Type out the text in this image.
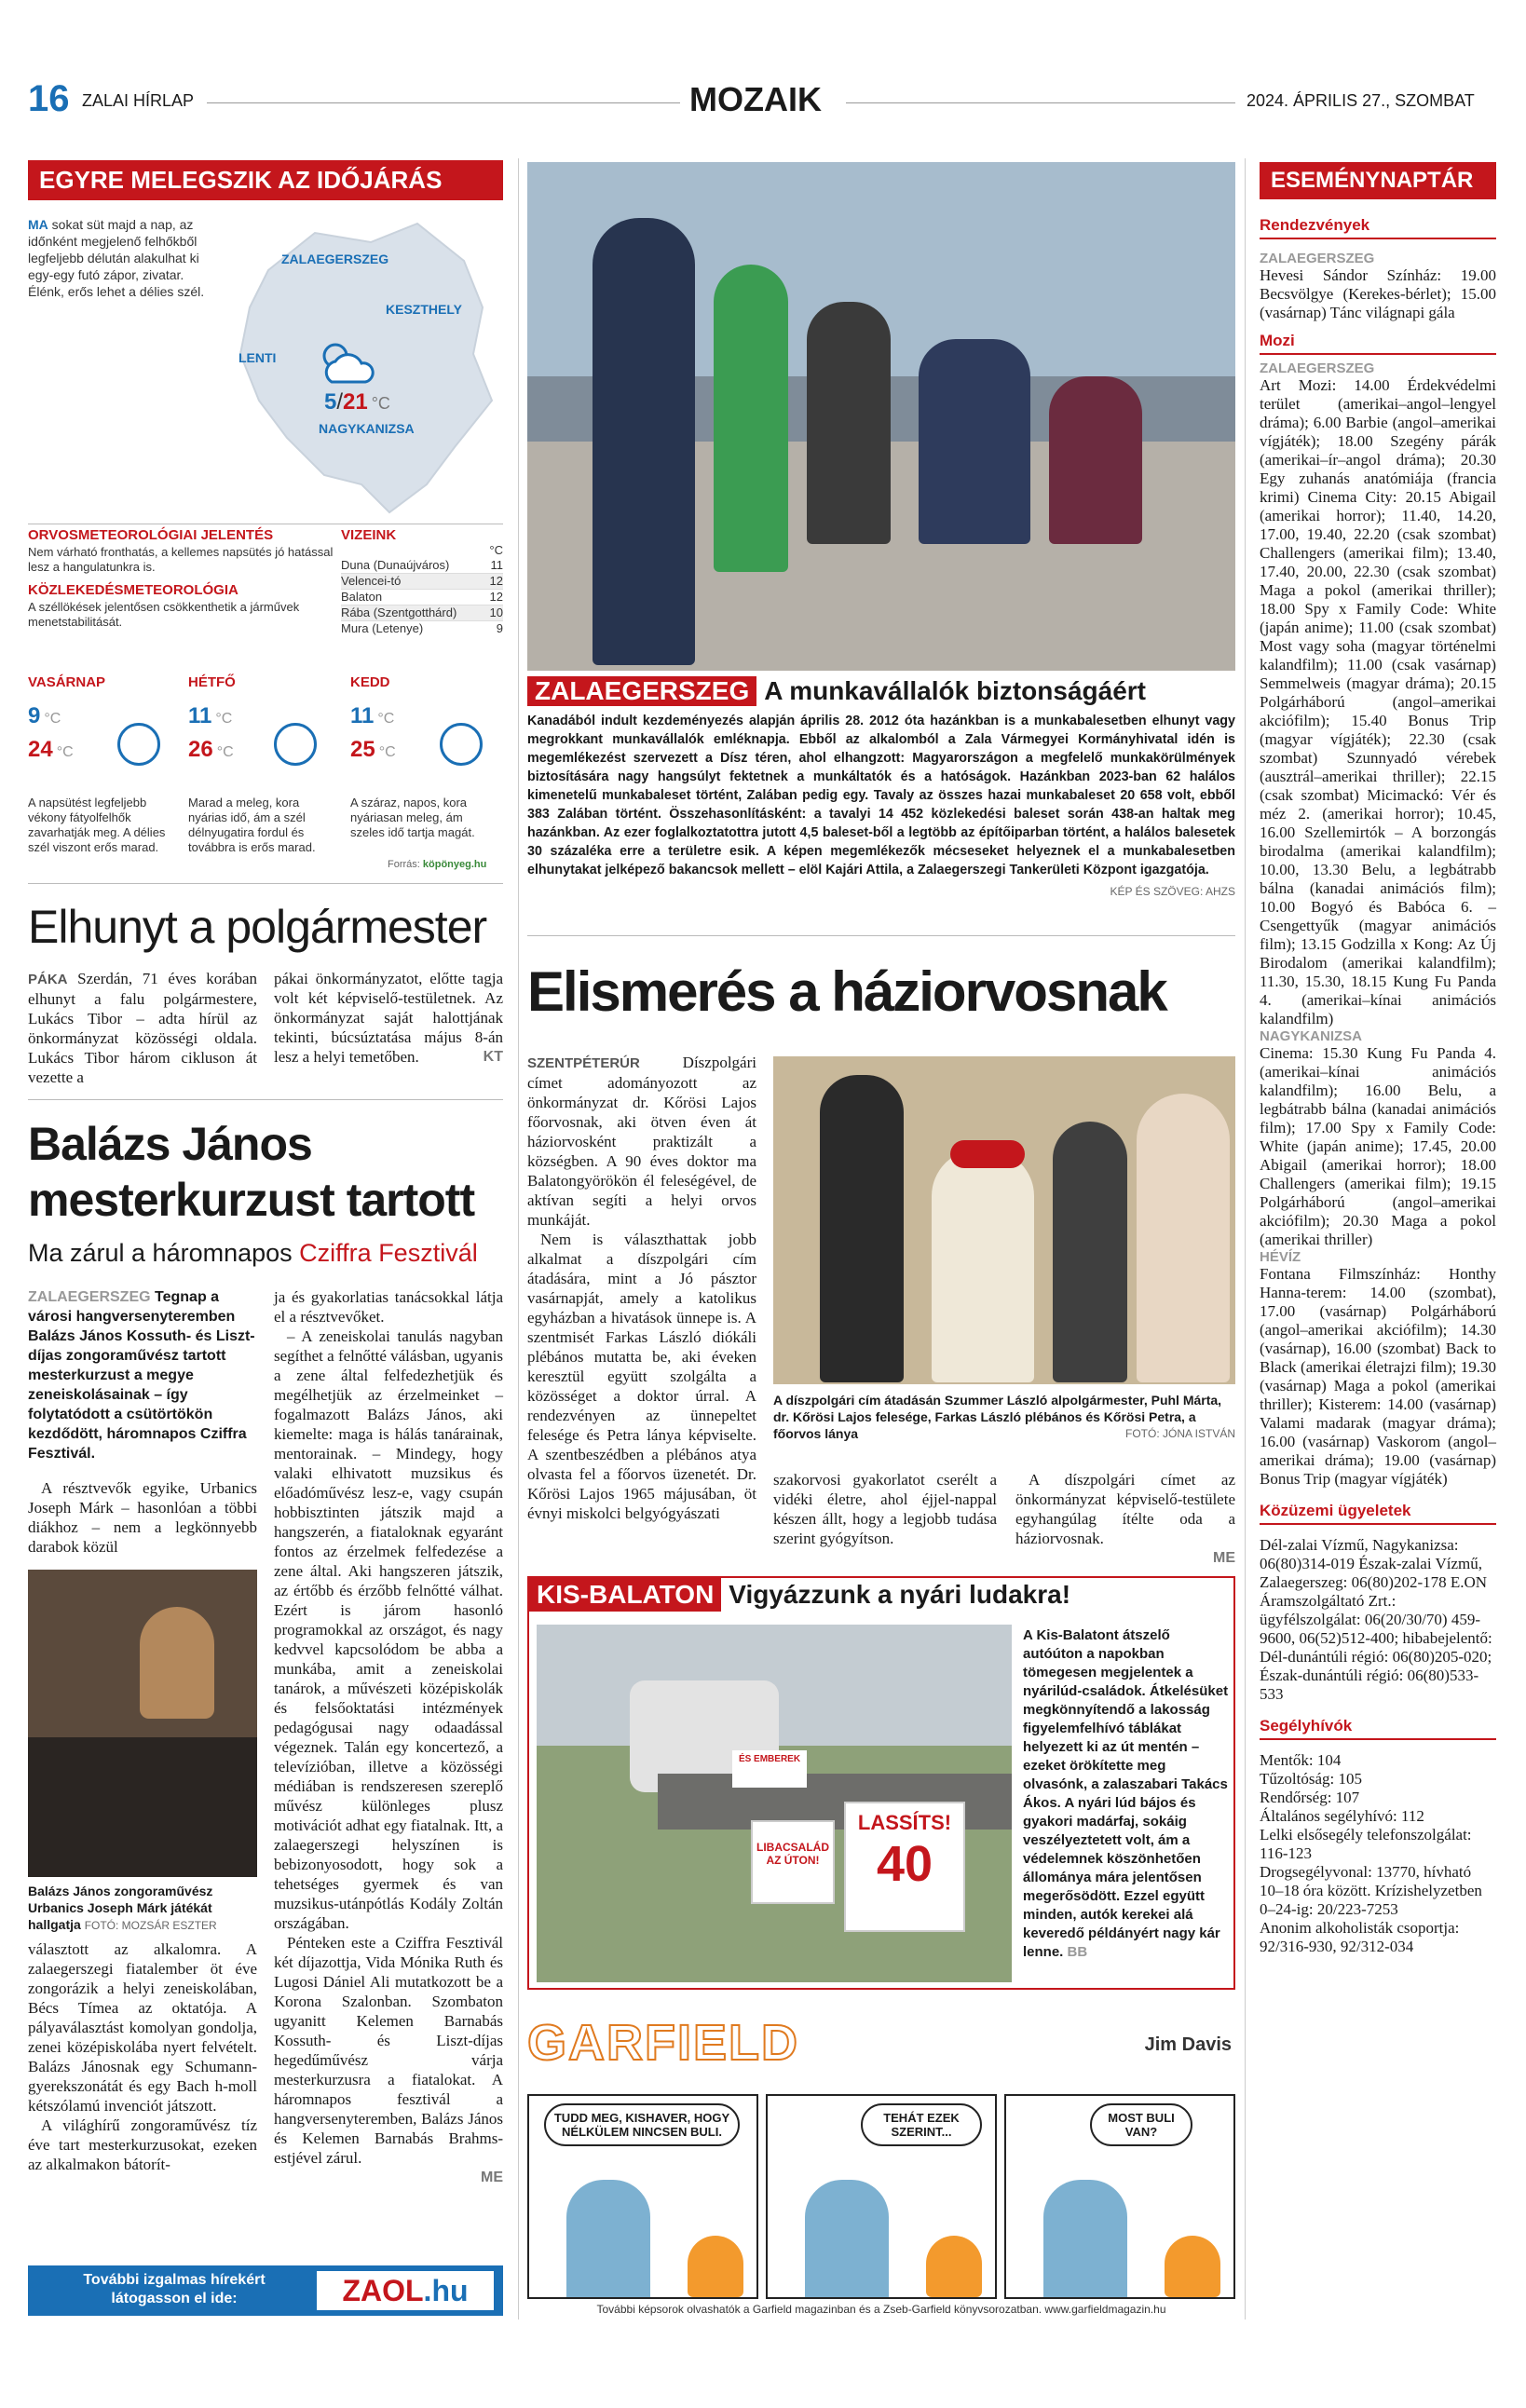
16 ZALAI HÍRLAP	MOZAIK	2024. ÁPRILIS 27., SZOMBAT
EGYRE MELEGSZIK AZ IDŐJÁRÁS
MA sokat süt majd a nap, az időnként megjelenő felhőkből legfeljebb délután alakulhat ki egy-egy futó zápor, zivatar. Élénk, erős lehet a délies szél.
ZALAEGERSZEG
KESZTHELY
LENTI
NAGYKANIZSA
5/21 °C
ORVOSMETEOROLÓGIAI JELENTÉS
Nem várható fronthatás, a kellemes napsütés jó hatással lesz a hangulatunkra is.
KÖZLEKEDÉSMETEOROLÓGIA
A széllökések jelentősen csökkenthetik a járművek menetstabilitását.
VIZEINK
°C
Duna (Dunaújváros)	11
Velencei-tó	12
Balaton	12
Rába (Szentgotthárd)	10
Mura (Letenye)	9
VASÁRNAP
9 °C
24 °C
A napsütést legfeljebb vékony fátyolfelhők zavarhatják meg. A délies szél viszont erős marad.
HÉTFŐ
11 °C
26 °C
Marad a meleg, kora nyárias idő, ám a szél délnyugatira fordul és továbbra is erős marad.
KEDD
11 °C
25 °C
A száraz, napos, kora nyáriasan meleg, ám szeles idő tartja magát.
Forrás: köpönyeg.hu
Elhunyt a polgármester

PÁKA Szerdán, 71 éves korában elhunyt a falu polgármestere, Lukács Tibor – adta hírül az önkormányzat közösségi oldala. Lukács Tibor három cikluson át vezette a

pákai önkormányzatot, előtte tagja volt két képviselő-testületnek. Az önkormányzat saját halottjának tekinti, búcsúztatása május 8-án lesz a helyi temetőben.	KT

Balázs János
mesterkurzust tartott
Ma zárul a háromnapos Cziffra Fesztivál
ZALAEGERSZEG Tegnap a városi hangversenyteremben Balázs János Kossuth- és Liszt-díjas zongoraművész tartott mesterkurzust a megye zeneiskolásainak – így folytatódott a csütörtökön kezdődött, háromnapos Cziffra Fesztivál.

A résztvevők egyike, Urbanics Joseph Márk – hasonlóan a többi diákhoz – nem a legkönnyebb darabok közül

Balázs János zongoraművész Urbanics Joseph Márk játékát hallgatja FOTÓ: MOZSÁR ESZTER

választott az alkalomra. A zalaegerszegi fiatalember öt éve zongorázik a helyi zeneiskolában, Bécs Tímea az oktatója. A pályaválasztást komolyan gondolja, zenei középiskolába nyert felvételt. Balázs Jánosnak egy Schumann-gyerekszonátát és egy Bach h-moll kétszólamú invenciót játszott.

A világhírű zongoraművész tíz éve tart mesterkurzusokat, ezeken az alkalmakon bátorít-

ja és gyakorlatias tanácsokkal látja el a résztvevőket.

– A zeneiskolai tanulás nagyban segíthet a felnőtté válásban, ugyanis a zene által felfedezhetjük és megélhetjük az érzelmeinket – fogalmazott Balázs János, aki kiemelte: maga is hálás tanárainak, mentorainak. – Mindegy, hogy valaki elhivatott muzsikus és előadóművész lesz-e, vagy csupán hobbisztinten játszik majd a hangszerén, a fiataloknak egyaránt fontos az érzelmek felfedezése a zene által. Aki hangszeren játszik, az értőbb és érzőbb felnőtté válhat. Ezért is járom hasonló programokkal az országot, és nagy kedvvel kapcsolódom be abba a munkába, amit a zeneiskolai tanárok, a művészeti középiskolák és felsőoktatási intézmények pedagógusai nagy odaadással végeznek. Talán egy koncertező, a televízióban, illetve a közösségi médiában is rendszeresen szereplő művész különleges plusz motivációt adhat egy fiatalnak. Itt, a zalaegerszegi helyszínen is bebizonyosodott, hogy sok a tehetséges gyermek és van muzsikus-utánpótlás Kodály Zoltán országában.

Pénteken este a Cziffra Fesztivál két díjazottja, Vida Mónika Ruth és Lugosi Dániel Ali mutatkozott be a Korona Szalonban. Szombaton ugyanitt Kelemen Barnabás Kossuth- és Liszt-díjas hegedűművész várja mesterkurzusra a fiatalokat. A háromnapos fesztivál a hangversenyteremben, Balázs János és Kelemen Barnabás Brahms-estjével zárul.

ME
További izgalmas hírekért
látogasson el ide:	ZAOL.hu
ZALAEGERSZEG A munkavállalók biztonságáért
Kanadából indult kezdeményezés alapján április 28. 2012 óta hazánkban is a munkabalesetben elhunyt vagy megrokkant munkavállalók emléknapja. Ebből az alkalomból a Zala Vármegyei Kormányhivatal idén is megemlékezést szervezett a Dísz téren, ahol elhangzott: Magyarországon a megfelelő munkakörülmények biztosítására nagy hangsúlyt fektetnek a munkáltatók és a hatóságok. Hazánkban 2023-ban 62 halálos kimenetelű munkabaleset történt, Zalában pedig egy. Tavaly az összes hazai munkabaleset 20 658 volt, ebből 383 Zalában történt. Összehasonlításként: a tavalyi 14 452 közlekedési baleset során 438-an haltak meg hazánkban. Az ezer foglalkoztatottra jutott 4,5 baleset-ből a legtöbb az építőiparban történt, a halálos balesetek 30 százaléka erre a területre esik. A képen megemlékezők mécseseket helyeznek el a munkabalesetben elhunytakat jelképező bakancsok mellett – elöl Kajári Attila, a Zalaegerszegi Tankerületi Központ igazgatója.
KÉP ÉS SZÖVEG: AHZS
Elismerés a háziorvosnak

SZENTPÉTERÚR	Díszpolgári címet adományozott az önkormányzat dr. Kőrösi Lajos főorvosnak, aki ötven éven át háziorvosként praktizált a községben. A 90 éves doktor ma Balatongyörökön él feleségével, de aktívan segíti a helyi orvos munkáját.

Nem is választhattak jobb alkalmat a díszpolgári cím átadására, mint a Jó pásztor vasárnapját, amely a katolikus egyházban a hivatások ünnepe is. A szentmisét Farkas László diókáli plébános mutatta be, aki éveken keresztül együtt szolgálta a közösséget a doktor úrral. A rendezvényen az ünnepeltet felesége és Petra lánya képviselte. A szentbeszédben a plébános atya olvasta fel a főorvos üzenetét. Dr. Kőrösi Lajos 1965 májusában, öt évnyi miskolci belgyógyászati

A díszpolgári cím átadásán Szummer László alpolgármester, Puhl Márta, dr. Kőrösi Lajos felesége, Farkas László plébános és Kőrösi Petra, a főorvos lánya	FOTÓ: JÓNA ISTVÁN

szakorvosi gyakorlatot cserélt a vidéki életre, ahol éjjel-nappal készen állt, hogy a legjobb tudása szerint gyógyítson.

A díszpolgári címet az önkormányzat képviselő-testülete egyhangúlag ítélte oda a háziorvosnak.

ME
KIS-BALATON Vigyázzunk a nyári ludakra!
LIBACSALÁD AZ ÚTON!
LASSÍTS!
40
ÉS EMBEREK
A Kis-Balatont átszelő autóúton a napokban tömegesen megjelentek a nyárilúd-családok. Átkelésüket megkönnyítendő a lakosság figyelemfelhívó táblákat helyezett ki az út mentén – ezeket örökítette meg olvasónk, a zalaszabari Takács Ákos. A nyári lúd bájos és gyakori madárfaj, sokáig veszélyeztetett volt, ám a védelemnek köszönhetően állománya mára jelentősen megerősödött. Ezzel együtt minden, autók kerekei alá keveredő példányért nagy kár lenne. BB
GARFIELD	Jim Davis
TUDD MEG, KISHAVER, HOGY NÉLKÜLEM NINCSEN BULI.
TEHÁT EZEK SZERINT...
MOST BULI VAN?
További képsorok olvashatók a Garfield magazinban és a Zseb-Garfield könyvsorozatban. www.garfieldmagazin.hu
ESEMÉNYNAPTÁR
Rendezvények
ZALAEGERSZEG
Hevesi Sándor Színház: 19.00 Becsvölgye (Kerekes-bérlet); 15.00 (vasárnap) Tánc világnapi gála
Mozi
ZALAEGERSZEG
Art Mozi: 14.00 Érdekvédelmi terület (amerikai–angol–lengyel dráma); 6.00 Barbie (angol–amerikai vígjáték); 18.00 Szegény párák (amerikai–ír–angol dráma); 20.30 Egy zuhanás anatómiája (francia krimi) Cinema City: 20.15 Abigail (amerikai horror); 11.40, 14.20, 17.00, 19.40, 22.20 (csak szombat) Challengers (amerikai film); 13.40, 17.40, 20.00, 22.30 (csak szombat) Maga a pokol (amerikai thriller); 18.00 Spy x Family Code: White (japán anime); 11.00 (csak szombat) Most vagy soha (magyar történelmi kalandfilm); 11.00 (csak vasárnap) Semmelweis (magyar dráma); 20.15 Polgárháború (angol–amerikai akciófilm); 15.40 Bonus Trip (magyar vígjáték); 22.30 (csak szombat) Szunnyadó vérebek (ausztrál–amerikai thriller); 22.15 (csak szombat) Micimackó: Vér és méz 2. (amerikai horror); 10.45, 16.00 Szellemirtók – A borzongás birodalma (amerikai kalandfilm); 10.00, 13.30 Belu, a legbátrabb bálna (kanadai animációs film); 10.00 Bogyó és Babóca 6. – Csengettyűk (magyar animációs film); 13.15 Godzilla x Kong: Az Új Birodalom (amerikai kalandfilm); 11.30, 15.30, 18.15 Kung Fu Panda 4. (amerikai–kínai animációs kalandfilm)
NAGYKANIZSA
Cinema: 15.30 Kung Fu Panda 4. (amerikai–kínai animációs kalandfilm); 16.00 Belu, a legbátrabb bálna (kanadai animációs film); 17.00 Spy x Family Code: White (japán anime); 17.45, 20.00 Abigail (amerikai horror); 18.00 Challengers (amerikai film); 19.15 Polgárháború (angol–amerikai akciófilm); 20.30 Maga a pokol (amerikai thriller)
HÉVÍZ
Fontana Filmszínház: Honthy Hanna-terem: 14.00 (szombat), 17.00 (vasárnap) Polgárháború (angol–amerikai akciófilm); 14.30 (vasárnap), 16.00 (szombat) Back to Black (amerikai életrajzi film); 19.30 (vasárnap) Maga a pokol (amerikai thriller); Kisterem: 14.00 (vasárnap) Valami madarak (magyar dráma); 16.00 (vasárnap) Vaskorom (angol–amerikai dráma); 19.00 (vasárnap) Bonus Trip (magyar vígjáték)
Közüzemi ügyeletek
Dél-zalai Vízmű, Nagykanizsa: 06(80)314-019 Észak-zalai Vízmű, Zalaegerszeg: 06(80)202-178 E.ON Áramszolgáltató Zrt.: ügyfélszolgálat: 06(20/30/70) 459-9600, 06(52)512-400; hibabejelentő: Dél-dunántúli régió: 06(80)205-020; Észak-dunántúli régió: 06(80)533-533
Segélyhívók
Mentők: 104
Tűzoltóság: 105
Rendőrség: 107
Általános segélyhívó: 112
Lelki elsősegély telefonszolgálat: 116-123
Drogsegélyvonal: 13770, hívható 10–18 óra között. Krízishelyzetben 0–24-ig: 20/223-7253
Anonim alkoholisták csoportja: 92/316-930, 92/312-034
